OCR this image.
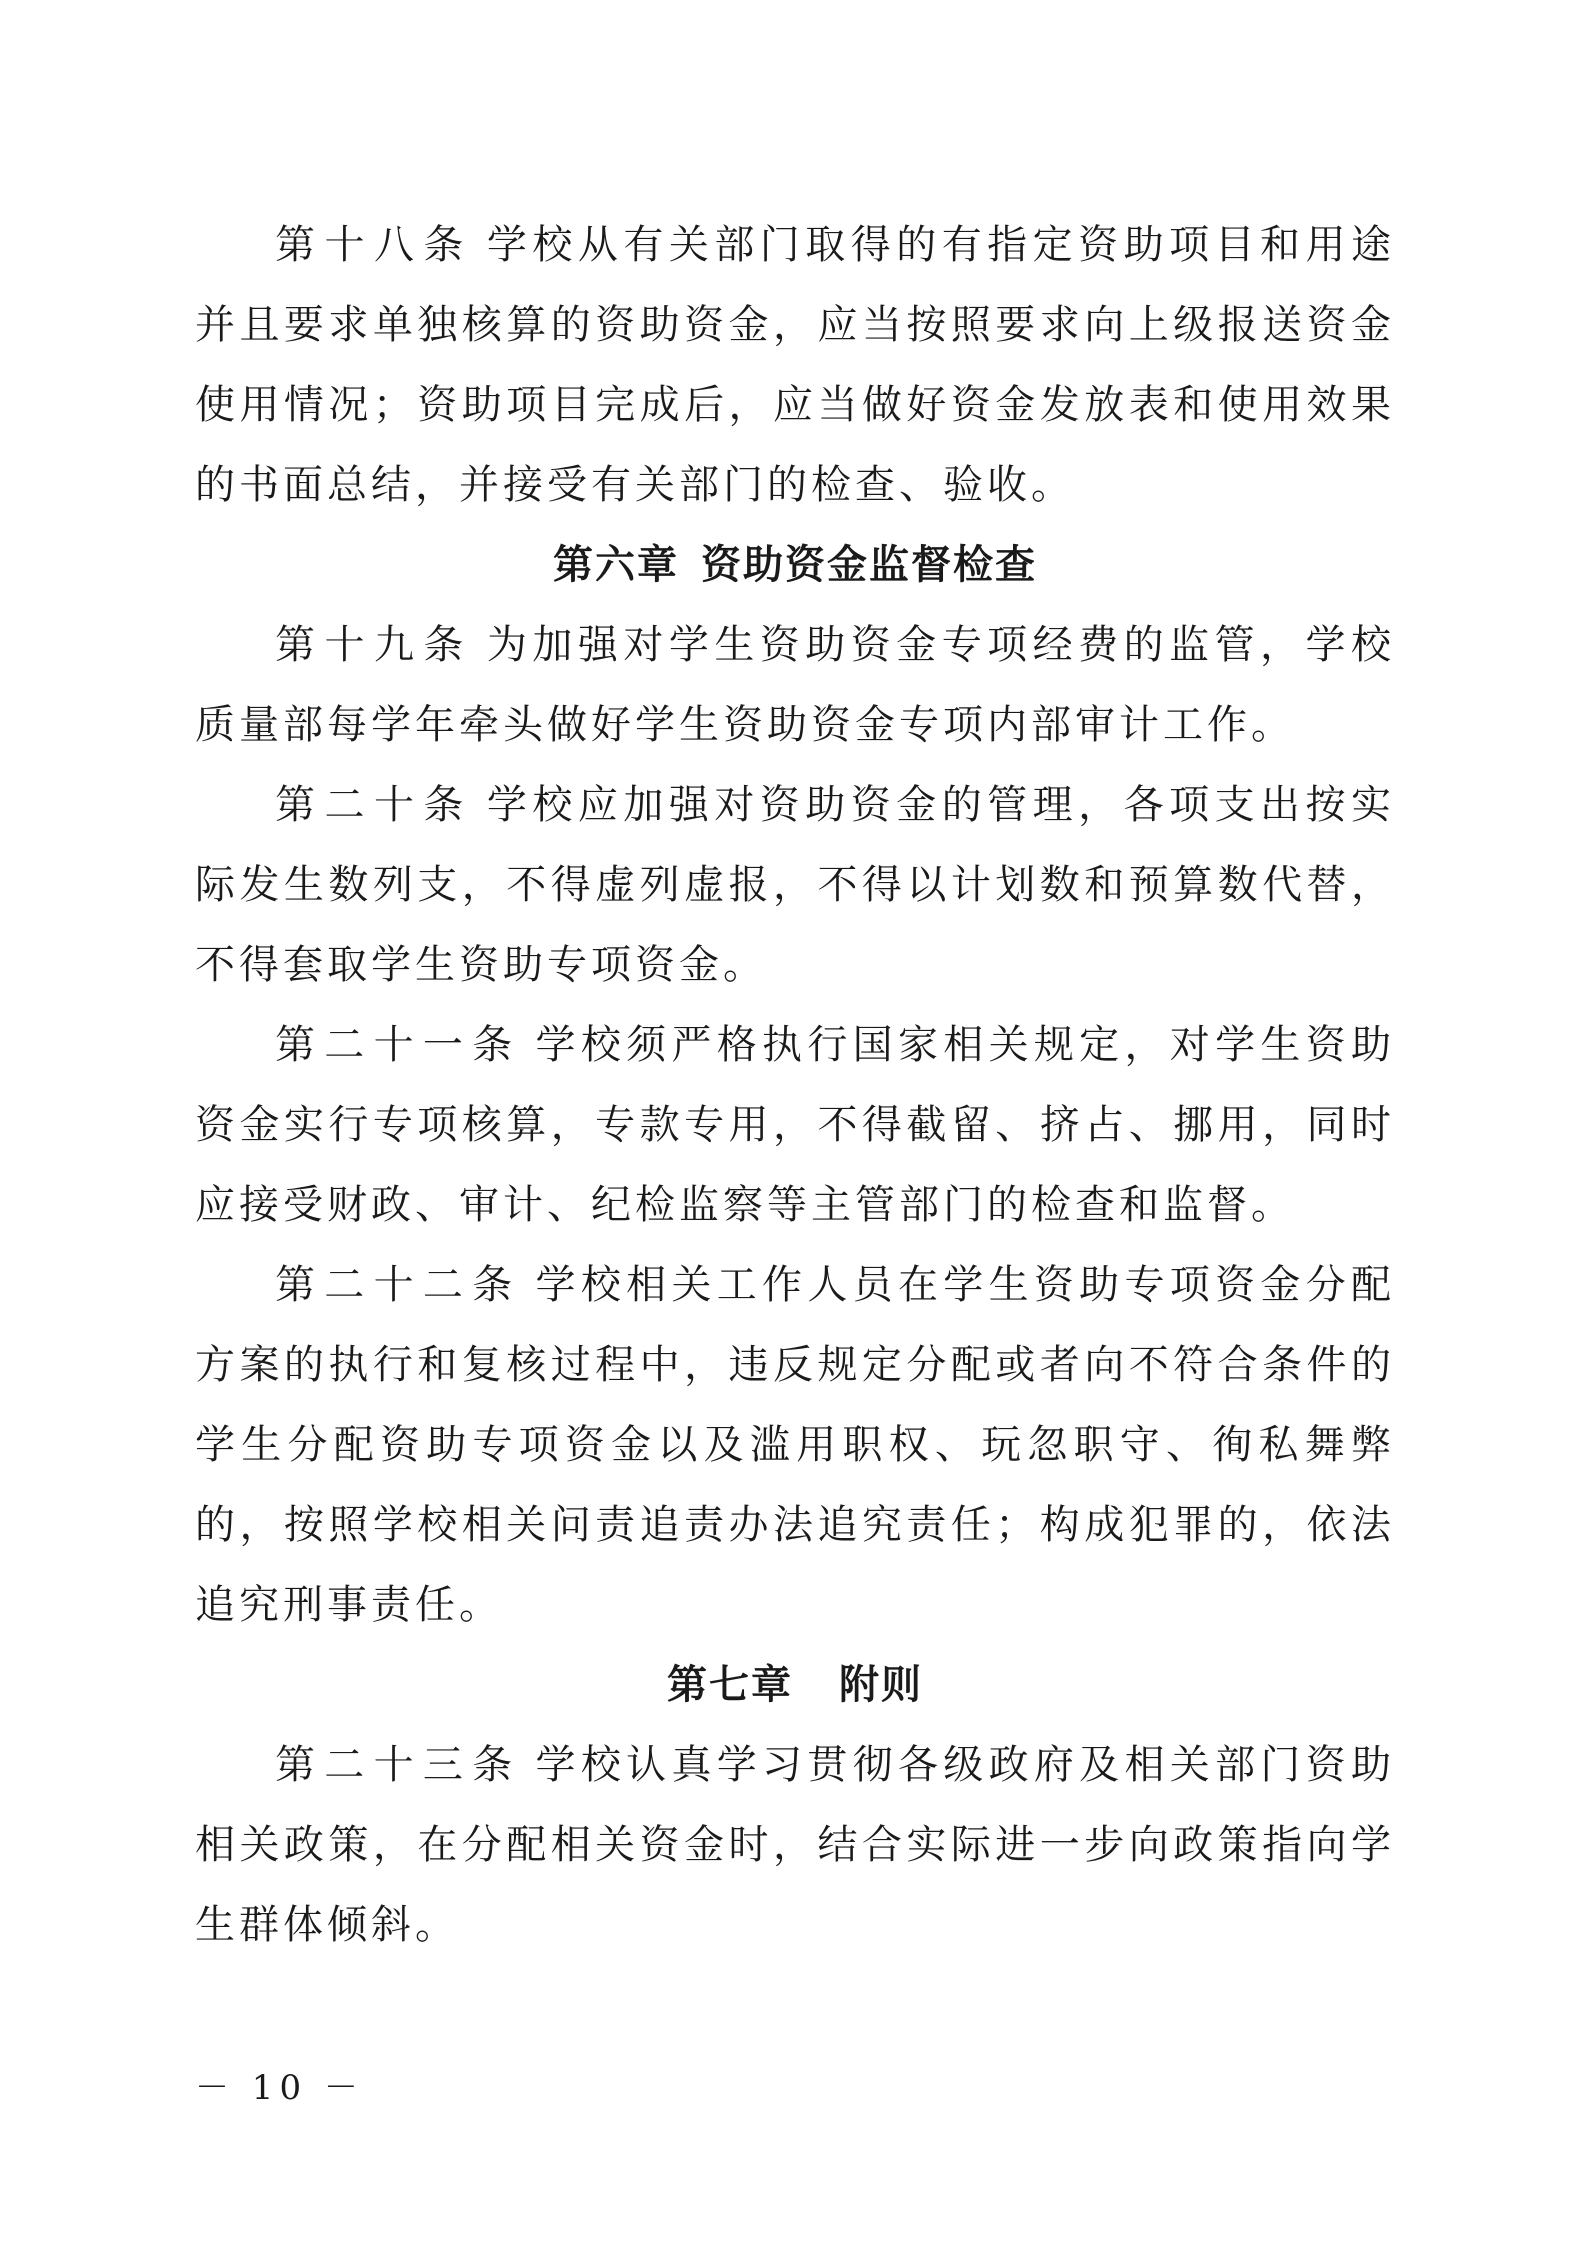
第十八条 学校从有关部门取得的有指定资助项目和用途并且要求单独核算的资助资金，应当按照要求向上级报送资金使用情况；资助项目完成后，应当做好资金发放表和使用效果的书面总结，并接受有关部门的检查、验收。

第六章 资助资金监督检查

第十九条 为加强对学生资助资金专项经费的监管，学校质量部每学年牵头做好学生资助资金专项内部审计工作。

第二十条 学校应加强对资助资金的管理，各项支出按实际发生数列支，不得虚列虚报，不得以计划数和预算数代替，不得套取学生资助专项资金。

第二十一条 学校须严格执行国家相关规定，对学生资助资金实行专项核算，专款专用，不得截留、挤占、挪用，同时应接受财政、审计、纪检监察等主管部门的检查和监督。

第二十二条 学校相关工作人员在学生资助专项资金分配方案的执行和复核过程中，违反规定分配或者向不符合条件的学生分配资助专项资金以及滥用职权、玩忽职守、徇私舞弊的，按照学校相关问责追责办法追究责任；构成犯罪的，依法追究刑事责任。

第七章 附则

第二十三条 学校认真学习贯彻各级政府及相关部门资助相关政策，在分配相关资金时，结合实际进一步向政策指向学生群体倾斜。

－ 10 －
